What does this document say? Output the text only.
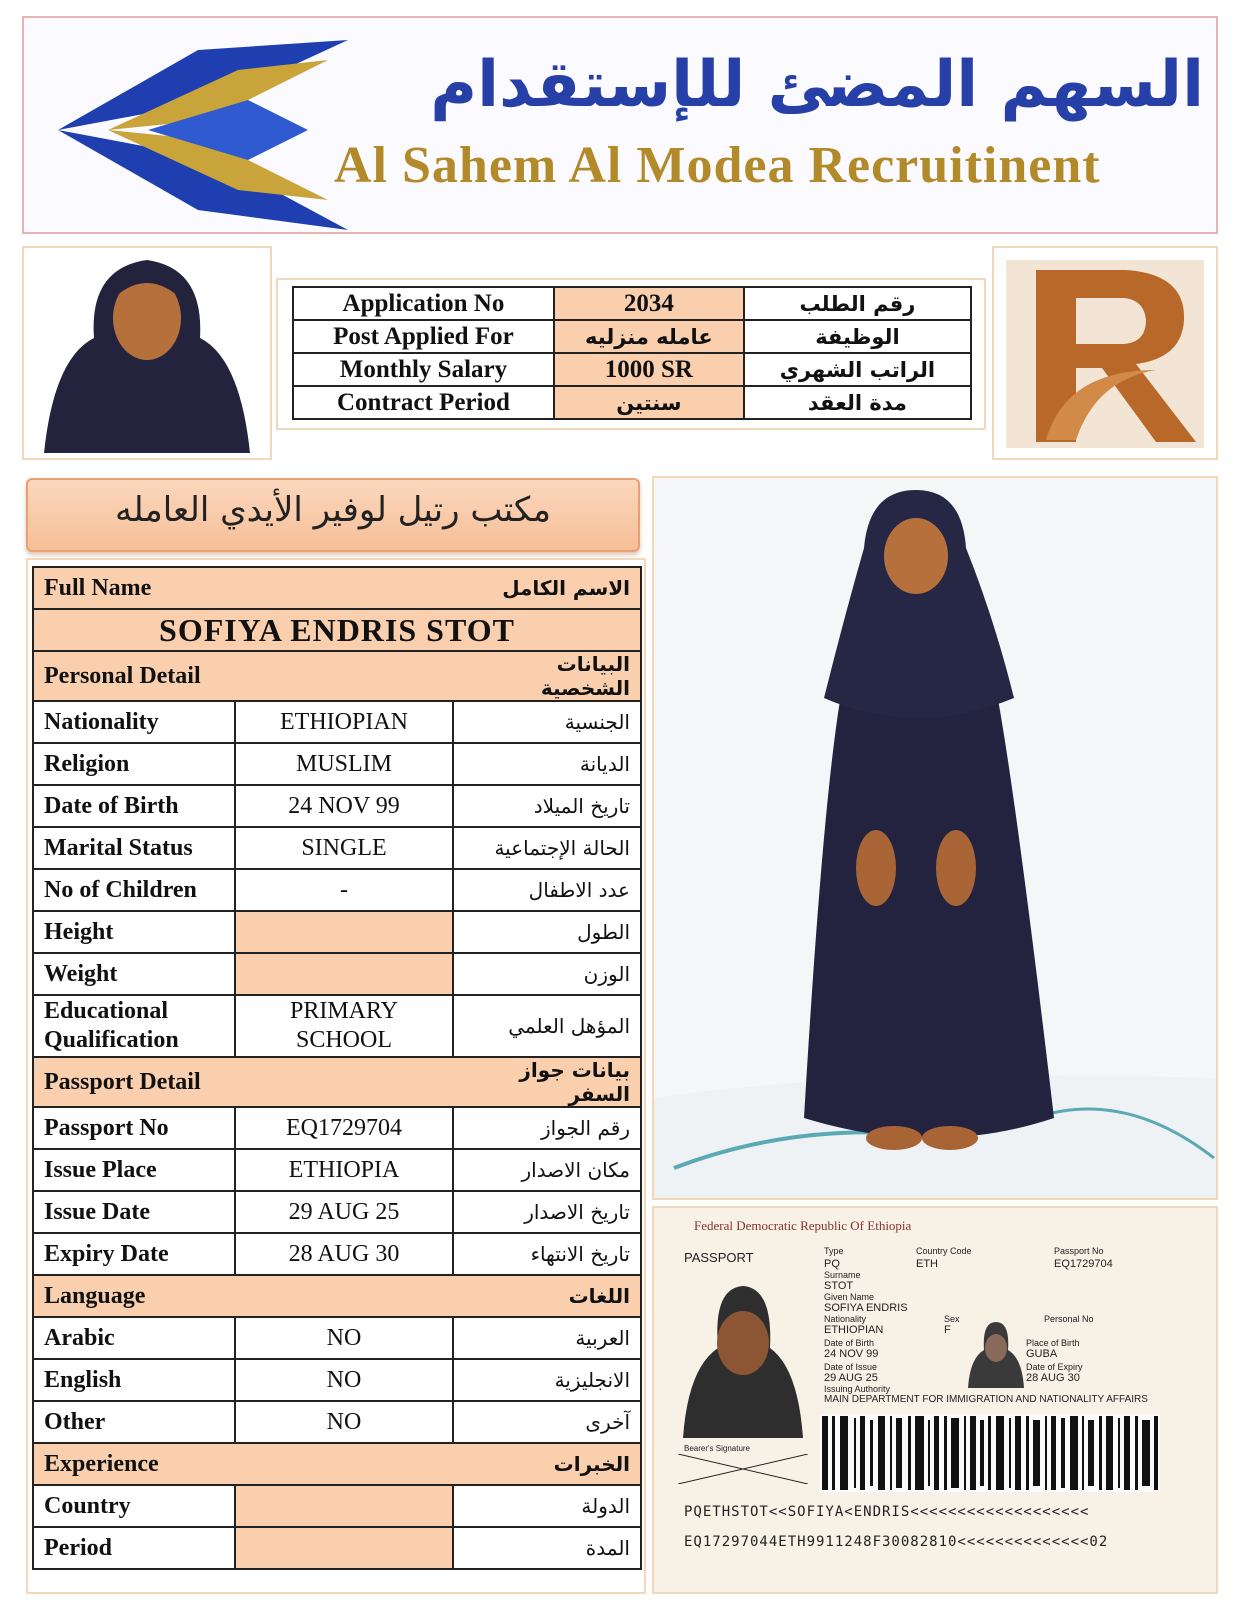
السهم المضئ للإستقدام
Al Sahem Al Modea Recruitinent
Application No	2034	رقم الطلب
Post Applied For	عامله منزليه	الوظيفة
Monthly Salary	1000 SR	الراتب الشهري
Contract Period	سنتين	مدة العقد
مكتب رتيل لوفير الأيدي العامله
Full Name		الاسم الكامل
SOFIYA ENDRIS STOT		
Personal Detail		البيانات الشخصية
Nationality	ETHIOPIAN	الجنسية
Religion	MUSLIM	الديانة
Date of Birth	24 NOV 99	تاريخ الميلاد
Marital Status	SINGLE	الحالة الإجتماعية
No of Children	-	عدد الاطفال
Height		الطول
Weight		الوزن
Educational Qualification	PRIMARY SCHOOL	المؤهل العلمي
Passport Detail		بيانات جواز السفر
Passport No	EQ1729704	رقم الجواز
Issue Place	ETHIOPIA	مكان الاصدار
Issue Date	29 AUG 25	تاريخ الاصدار
Expiry Date	28 AUG 30	تاريخ الانتهاء
Language		اللغات
Arabic	NO	العربية
English	NO	الانجليزية
Other	NO	آخرى
Experience		الخبرات
Country		الدولة
Period		المدة
Federal Democratic Republic Of Ethiopia
PASSPORT	Type
PQ
Country Code
ETH
Passport No
EQ1729704
Surname
STOT
Given Name
SOFIYA ENDRIS
Nationality
ETHIOPIAN
Sex
F
Personal No
Date of Birth
24 NOV 99
Place of Birth
GUBA
Date of Issue
29 AUG 25
Date of Expiry
28 AUG 30
Issuing Authority
MAIN DEPARTMENT FOR IMMIGRATION AND NATIONALITY AFFAIRS
Bearer's Signature
PQETHSTOT<<SOFIYA<ENDRIS<<<<<<<<<<<<<<<<<<<
EQ17297044ETH9911248F30082810<<<<<<<<<<<<<<02
